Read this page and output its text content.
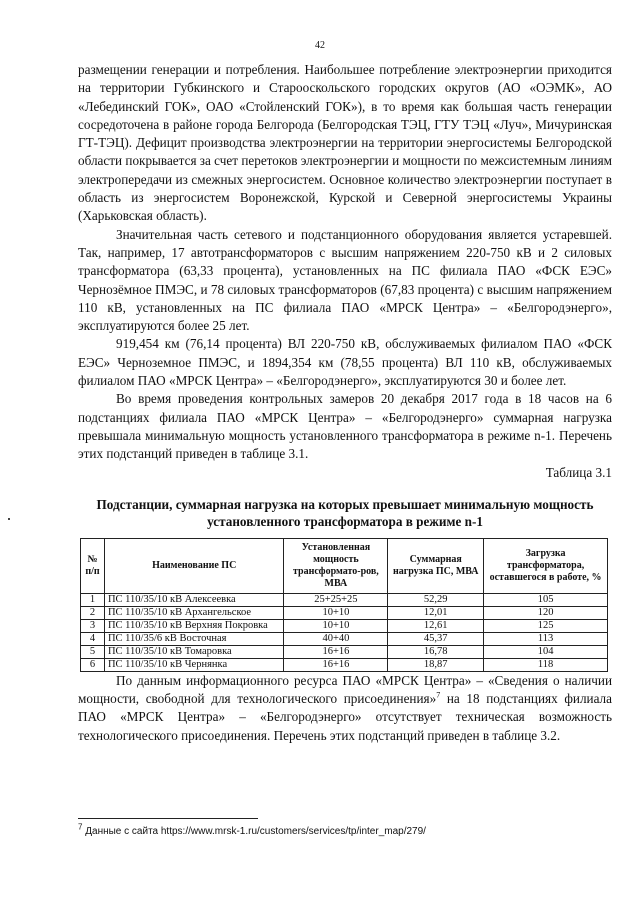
42

размещении генерации и потребления. Наибольшее потребление электроэнергии приходится на территории Губкинского и Старооскольского городских округов (АО «ОЭМК», АО «Лебединский ГОК», ОАО «Стойленский ГОК»), в то время как большая часть генерации сосредоточена в районе города Белгорода (Белгородская ТЭЦ, ГТУ ТЭЦ «Луч», Мичуринская ГТ-ТЭЦ). Дефицит производства электроэнергии на территории энергосистемы Белгородской области покрывается за счет перетоков электроэнергии и мощности по межсистемным линиям электропередачи из смежных энергосистем. Основное количество электроэнергии поступает в область из энергосистем Воронежской, Курской и Северной энергосистемы Украины (Харьковская область).

Значительная часть сетевого и подстанционного оборудования является устаревшей. Так, например, 17 автотрансформаторов с высшим напряжением 220-750 кВ и 2 силовых трансформатора (63,33 процента), установленных на ПС филиала ПАО «ФСК ЕЭС» Чернозёмное ПМЭС, и 78 силовых трансформаторов (67,83 процента) с высшим напряжением 110 кВ, установленных на ПС филиала ПАО «МРСК Центра» – «Белгородэнерго», эксплуатируются более 25 лет.

919,454 км (76,14 процента) ВЛ 220-750 кВ, обслуживаемых филиалом ПАО «ФСК ЕЭС» Черноземное ПМЭС, и 1894,354 км (78,55 процента) ВЛ 110 кВ, обслуживаемых филиалом ПАО «МРСК Центра» – «Белгородэнерго», эксплуатируются 30 и более лет.

Во время проведения контрольных замеров 20 декабря 2017 года в 18 часов на 6 подстанциях филиала ПАО «МРСК Центра» – «Белгородэнерго» суммарная нагрузка превышала минимальную мощность установленного трансформатора в режиме n-1. Перечень этих подстанций приведен в таблице 3.1.

Таблица 3.1

Подстанции, суммарная нагрузка на которых превышает минимальную мощность установленного трансформатора в режиме n-1
№ п/п	Наименование ПС	Установленная мощность трансформато-ров, МВА	Суммарная нагрузка ПС, МВА	Загрузка трансформатора, оставшегося в работе, %
1	ПС 110/35/10 кВ Алексеевка	25+25+25	52,29	105
2	ПС 110/35/10 кВ Архангельское	10+10	12,01	120
3	ПС 110/35/10 кВ Верхняя Покровка	10+10	12,61	125
4	ПС 110/35/6 кВ Восточная	40+40	45,37	113
5	ПС 110/35/10 кВ Томаровка	16+16	16,78	104
6	ПС 110/35/10 кВ Чернянка	16+16	18,87	118

По данным информационного ресурса ПАО «МРСК Центра» – «Сведения о наличии мощности, свободной для технологического присоединения»$^7$ на 18 подстанциях филиала ПАО «МРСК Центра» – «Белгородэнерго» отсутствует техническая возможность технологического присоединения. Перечень этих подстанций приведен в таблице 3.2.

$^7$ Данные с сайта https://www.mrsk-1.ru/customers/services/tp/inter_map/279/
